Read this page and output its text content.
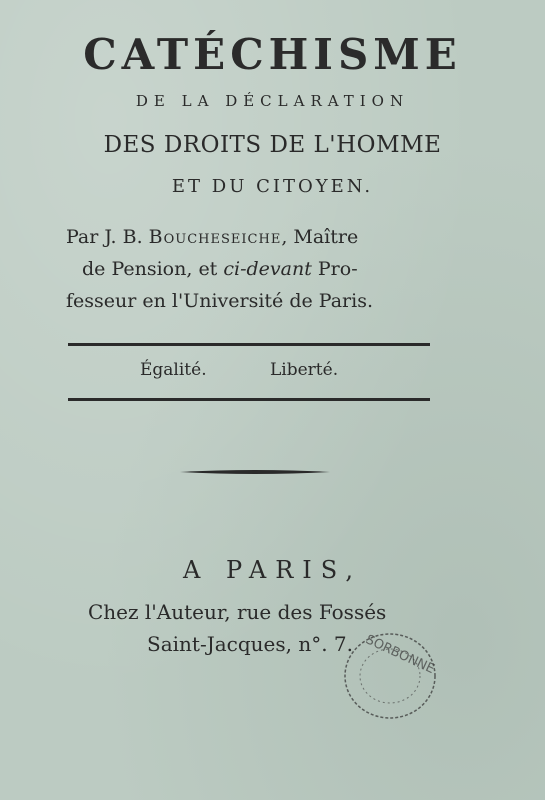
CATÉCHISME
DE LA DÉCLARATION
DES DROITS DE L'HOMME
ET DU CITOYEN.
Par J. B. Boucheseiche, Maître
de Pension, et ci-devant Pro-
fesseur en l'Université de Paris.
Égalité.	Liberté.
A PARIS,
Chez l'Auteur, rue des Fossés
Saint-Jacques, n°. 7. SORBONNE
